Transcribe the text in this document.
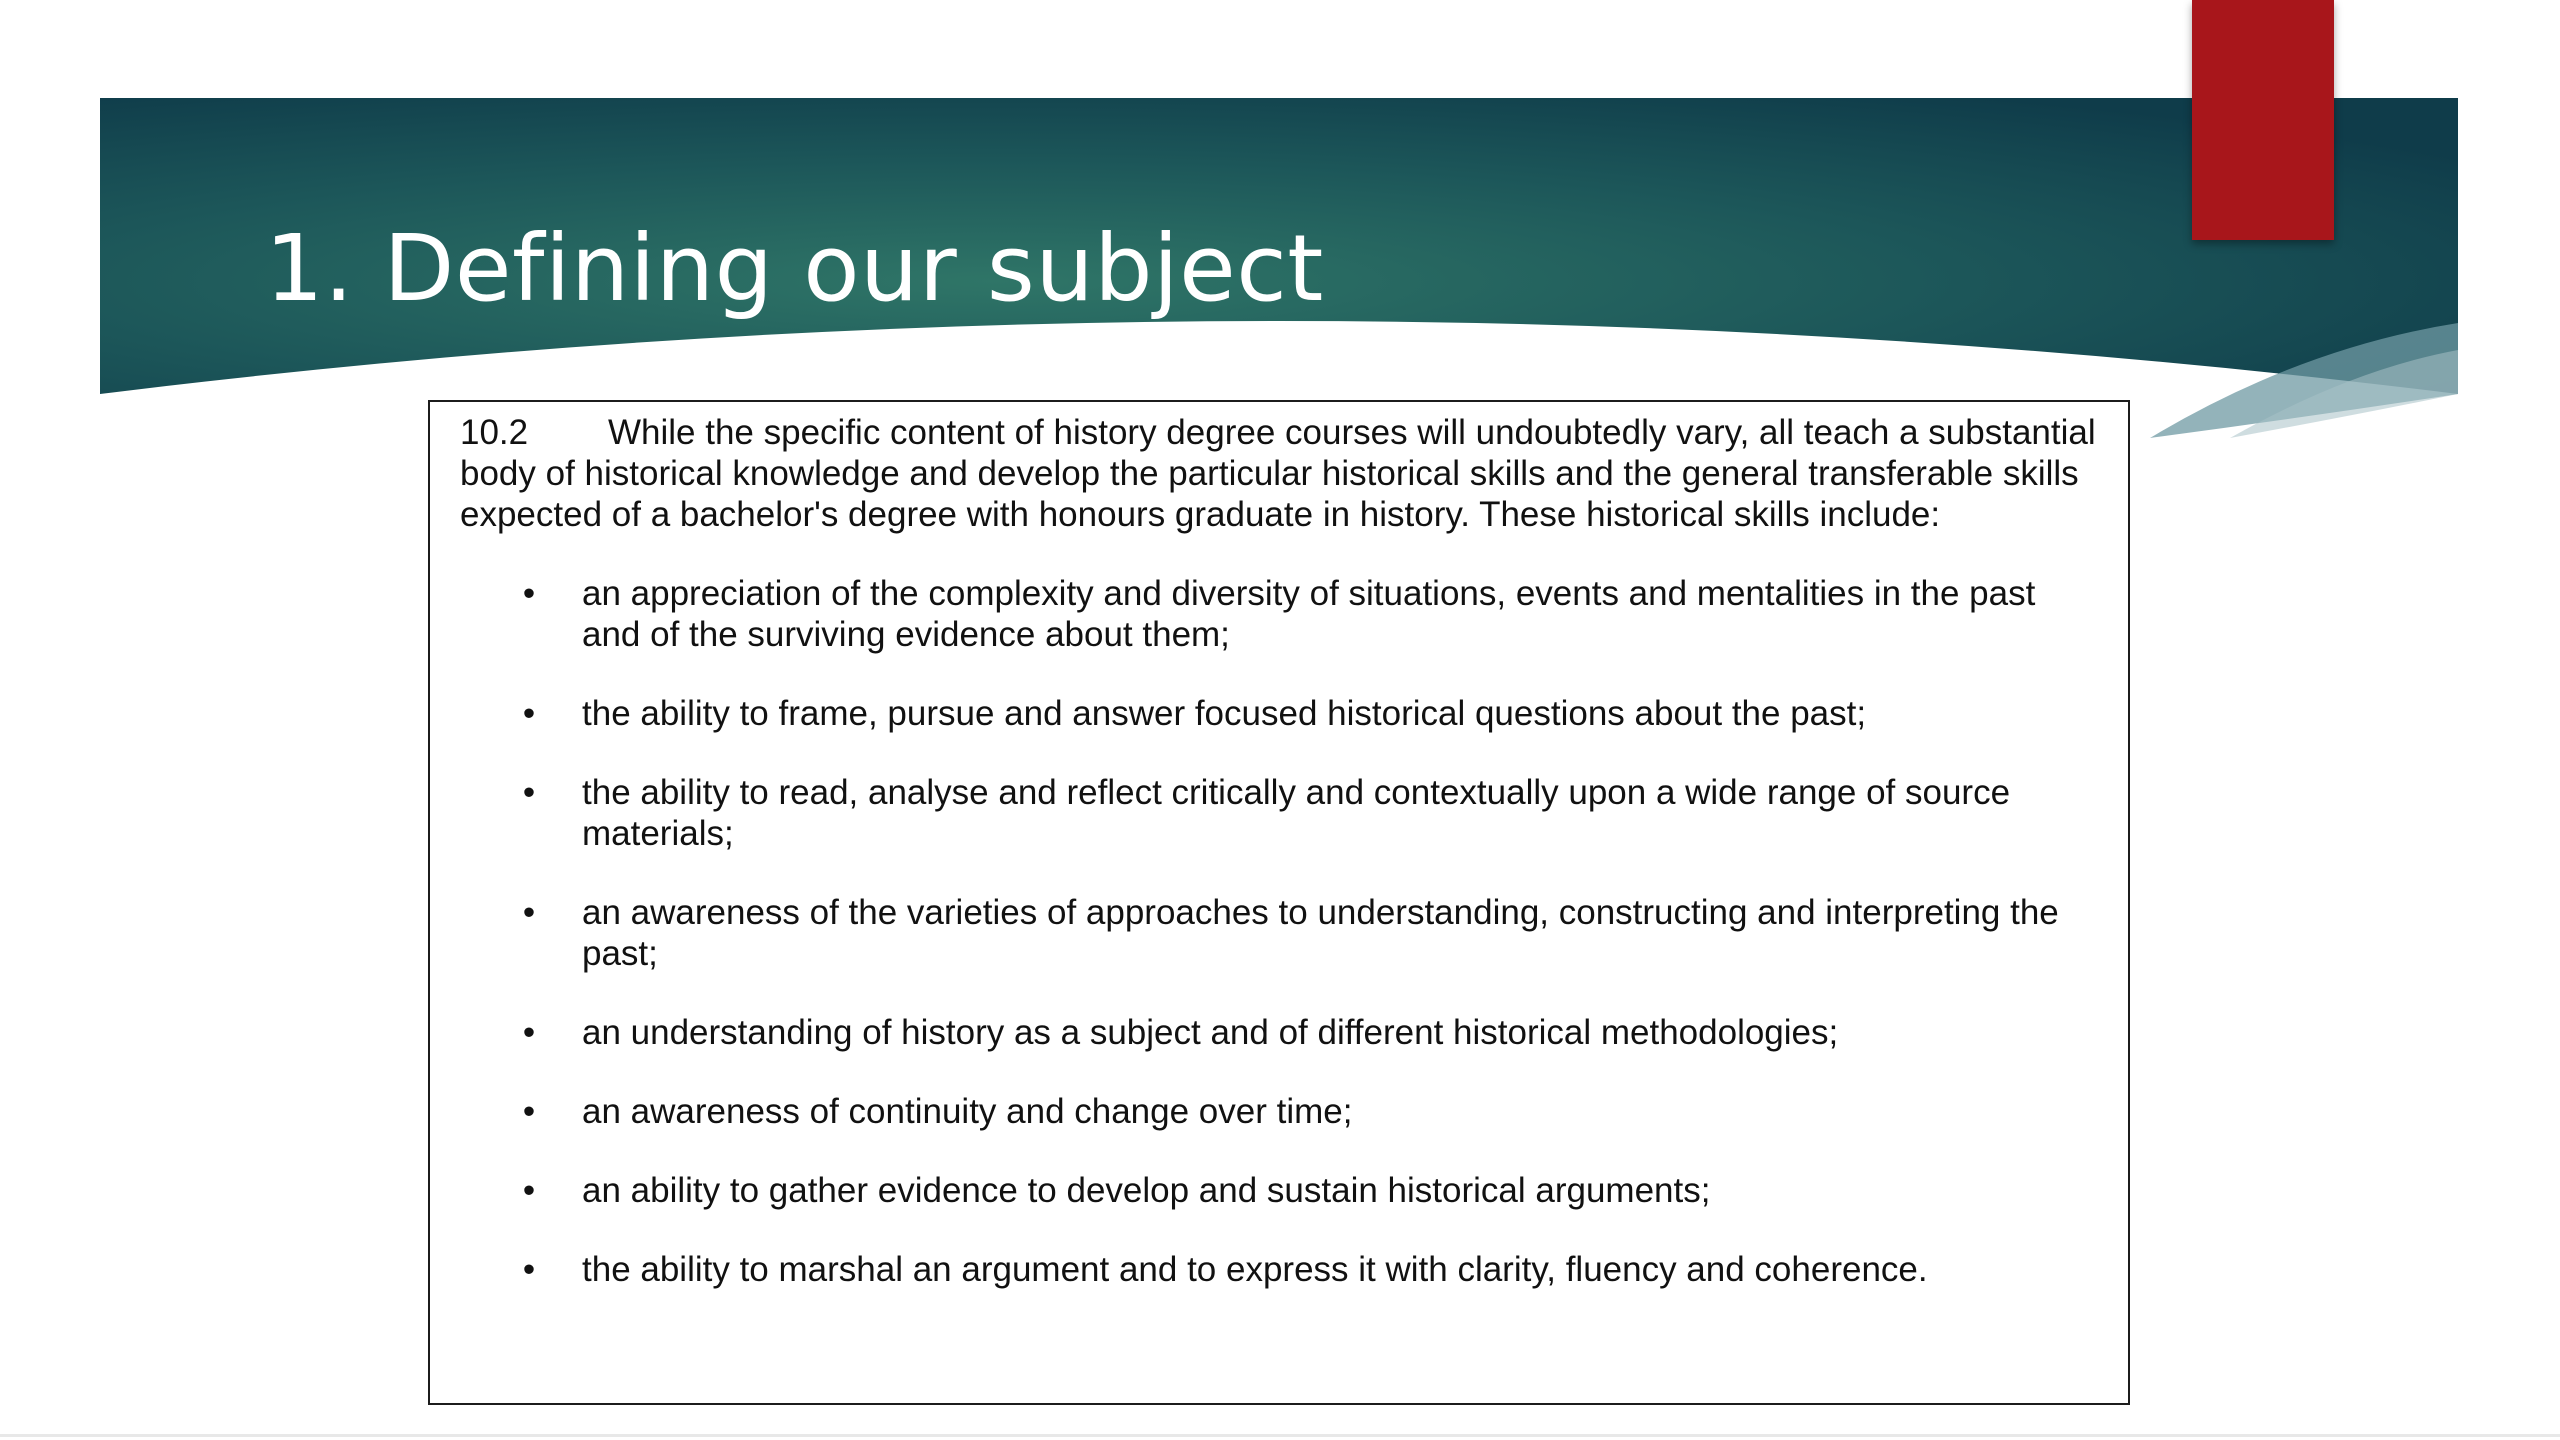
1. Defining our subject

10.2 While the specific content of history degree courses will undoubtedly vary, all teach a substantial body of historical knowledge and develop the particular historical skills and the general transferable skills expected of a bachelor's degree with honours graduate in history. These historical skills include:

• an appreciation of the complexity and diversity of situations, events and mentalities in the past and of the surviving evidence about them;
• the ability to frame, pursue and answer focused historical questions about the past;
• the ability to read, analyse and reflect critically and contextually upon a wide range of source materials;
• an awareness of the varieties of approaches to understanding, constructing and interpreting the past;
• an understanding of history as a subject and of different historical methodologies;
• an awareness of continuity and change over time;
• an ability to gather evidence to develop and sustain historical arguments;
• the ability to marshal an argument and to express it with clarity, fluency and coherence.
